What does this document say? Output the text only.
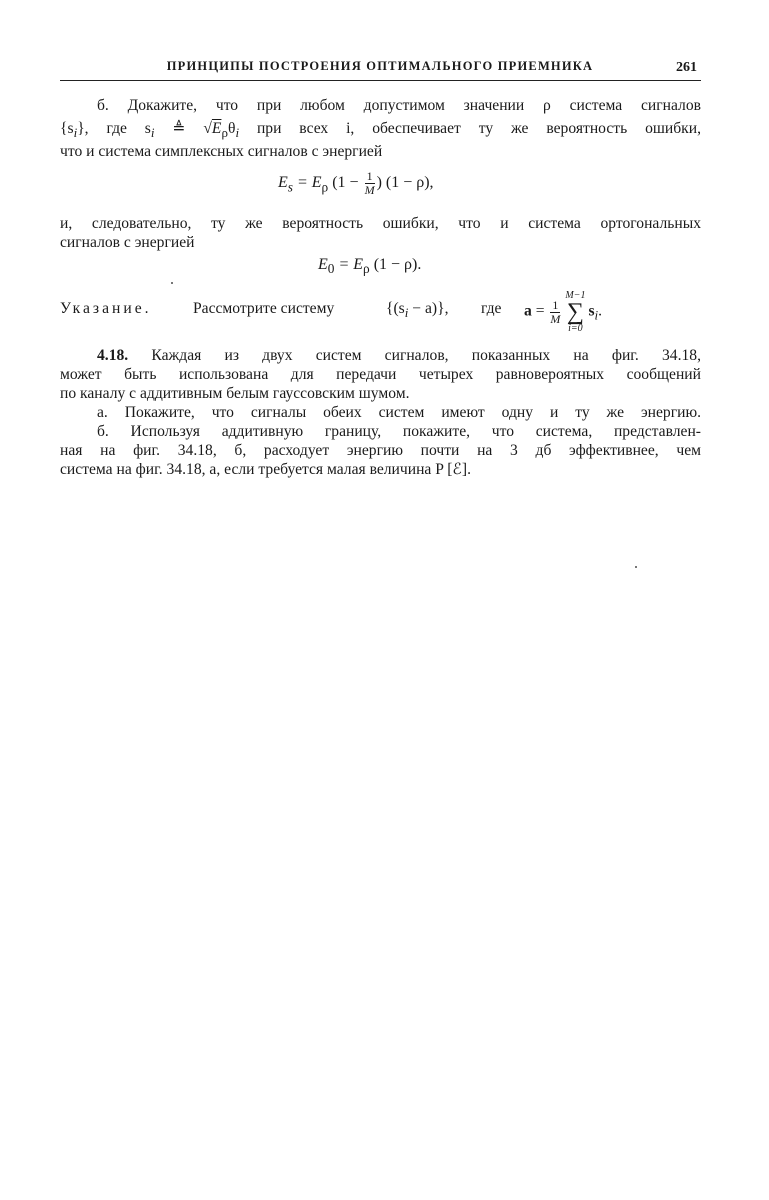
ПРИНЦИПЫ ПОСТРОЕНИЯ ОПТИМАЛЬНОГО ПРИЕМНИКА	261
б. Докажите, что при любом допустимом значении ρ система сигналов
$\{s_i\}$, где $s_i$ ≜ $√E_\rho\theta_i$ при всех i, обеспечивает ту же вероятность ошибки,
что и система симплексных сигналов с энергией
$E_s = E_\rho$ ($1 - \frac{1}{M}$ ) (1 − ρ),
и, следовательно, ту же вероятность ошибки, что и система ортогональных
сигналов с энергией
$E_0 = E_\rho$ (1 − ρ).
Указание.	Рассмотрите систему	$\{(s_i - a)\}$, где $a = \frac{1}{M}$
M−1
∑
i=0
$s_i$.
4.18. Каждая из двух систем сигналов, показанных на фиг. 34.18,
может быть использована для передачи четырех равновероятных сообщений
по каналу с аддитивным белым гауссовским шумом.
а. Покажите, что сигналы обеих систем имеют одну и ту же энергию.
б. Используя аддитивную границу, покажите, что система, представлен-
ная на фиг. 34.18, б, расходует энергию почти на 3 дб эффективнее, чем
система на фиг. 34.18, а, если требуется малая величина P [ℰ].
